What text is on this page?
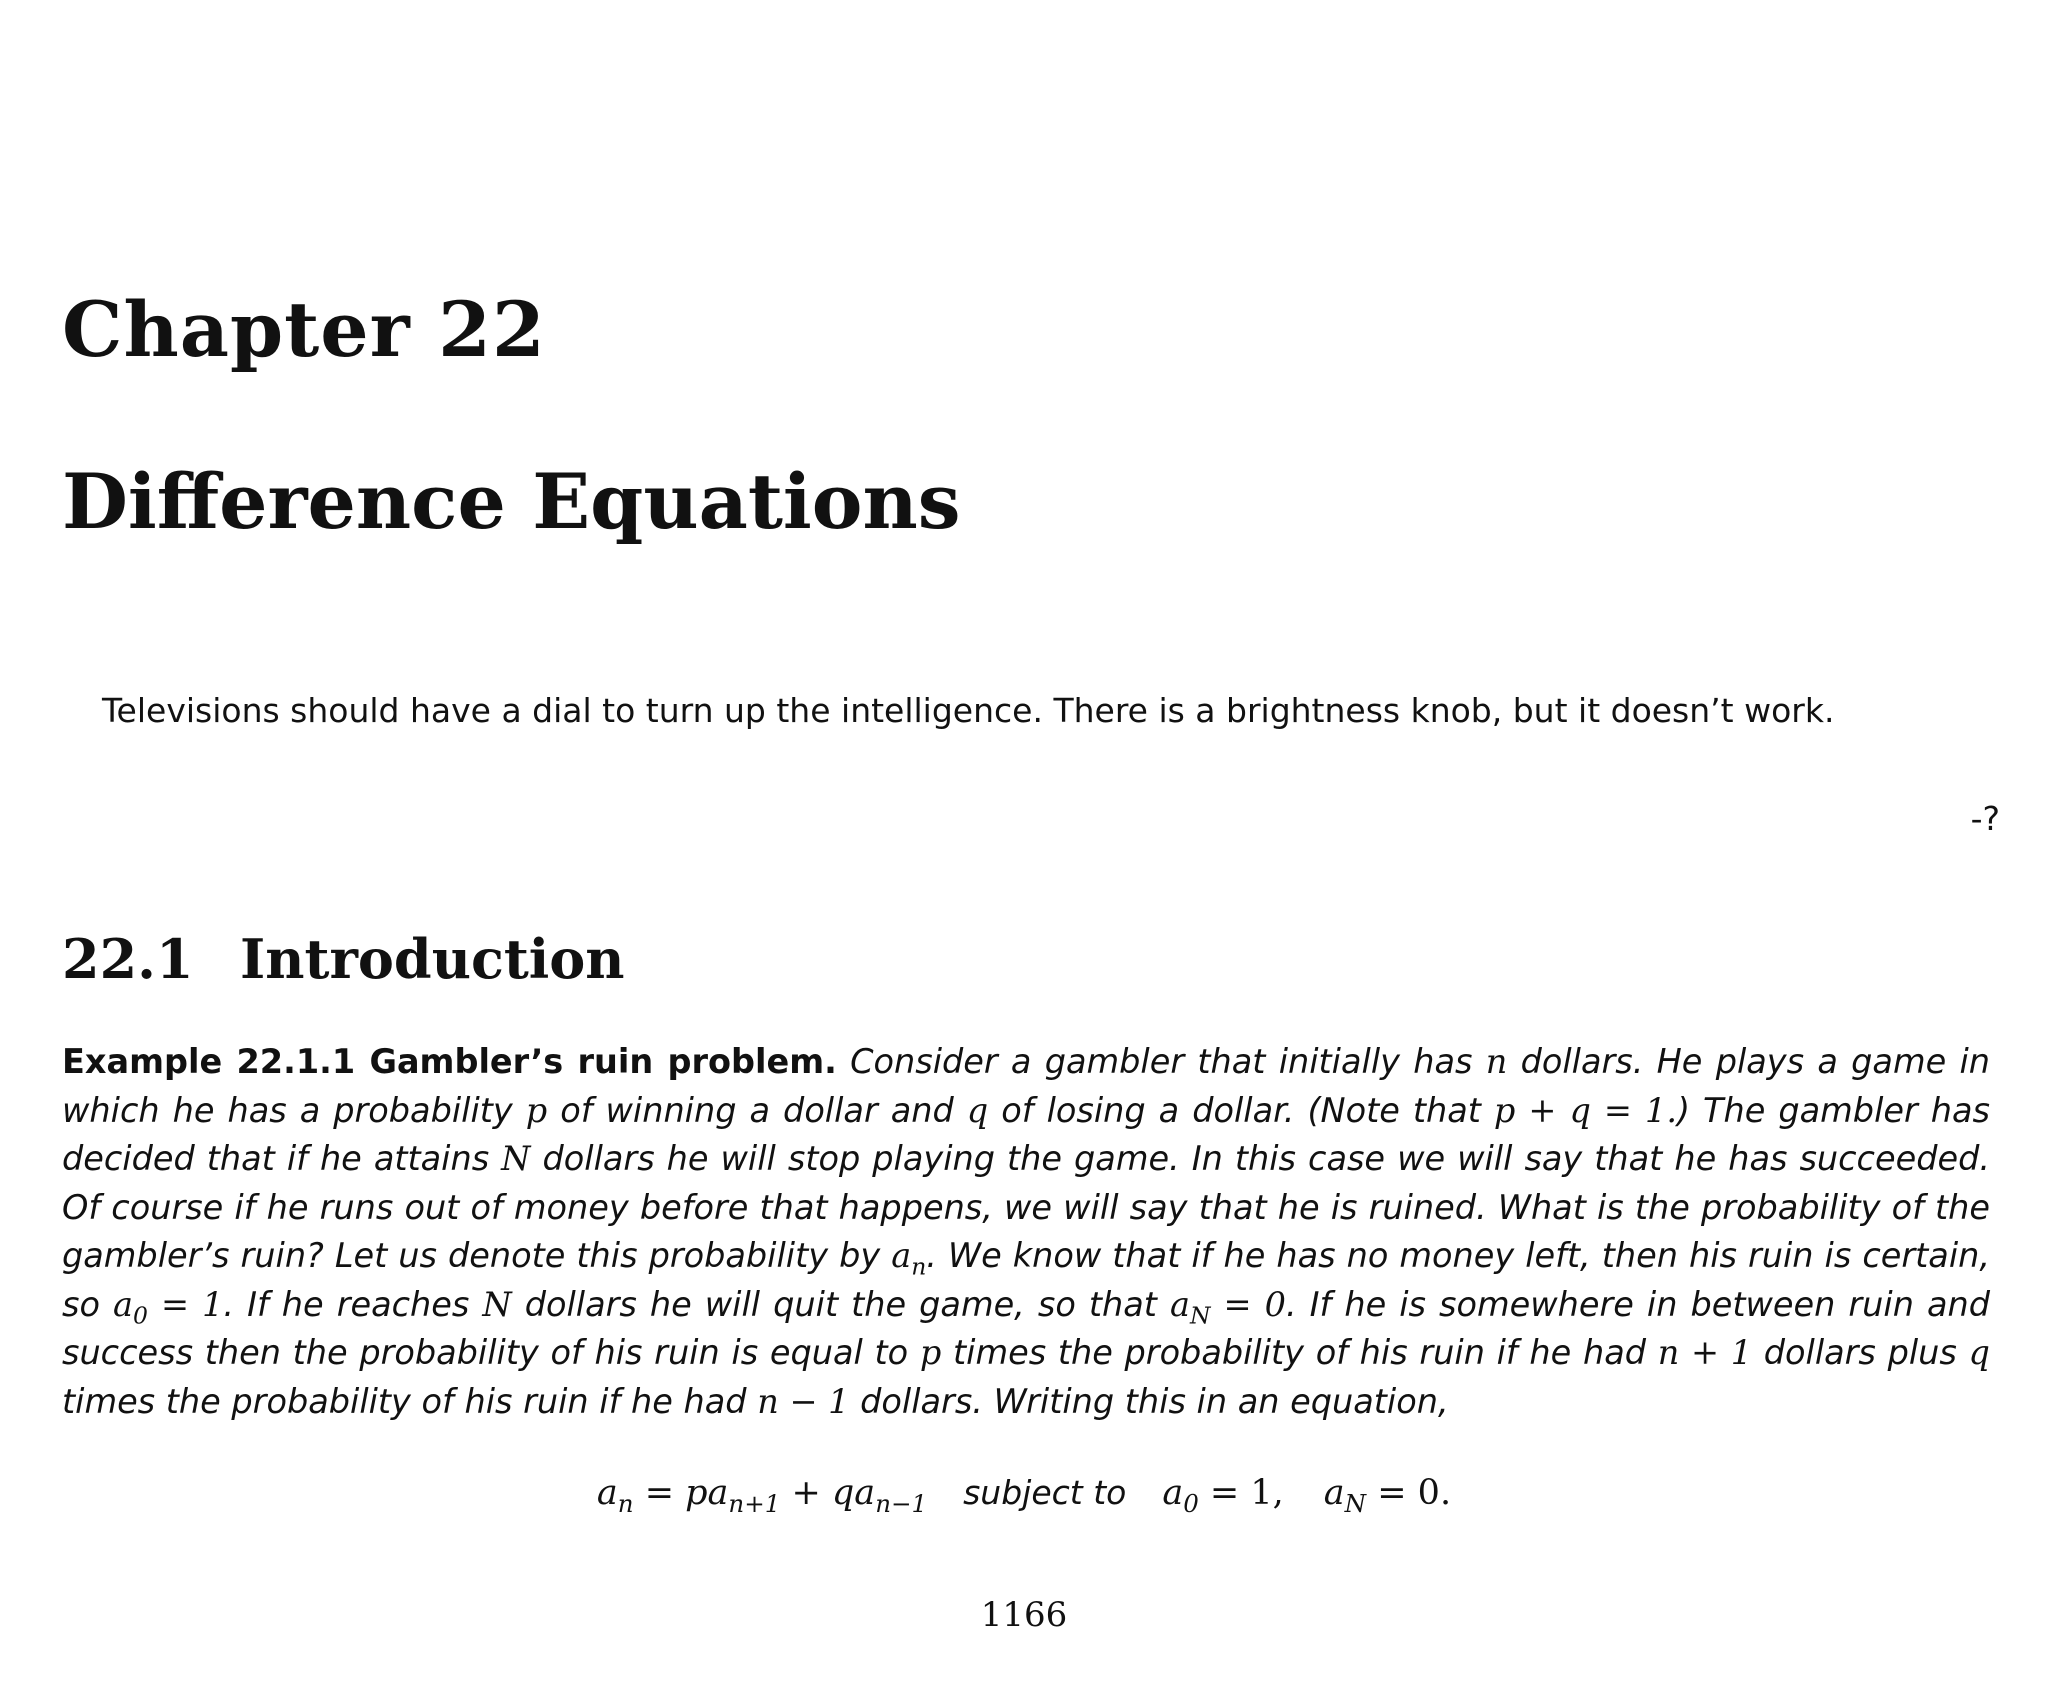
Chapter 22
Difference Equations

Televisions should have a dial to turn up the intelligence. There is a brightness knob, but it doesn’t work.

-?

22.1 Introduction

Example 22.1.1 Gambler’s ruin problem. Consider a gambler that initially has n dollars. He plays a game in which he has a probability p of winning a dollar and q of losing a dollar. (Note that p + q = 1.) The gambler has decided that if he attains N dollars he will stop playing the game. In this case we will say that he has succeeded. Of course if he runs out of money before that happens, we will say that he is ruined. What is the probability of the gambler’s ruin? Let us denote this probability by $a_n$. We know that if he has no money left, then his ruin is certain, so $a_0 = 1$. If he reaches N dollars he will quit the game, so that $a_N = 0$. If he is somewhere in between ruin and success then the probability of his ruin is equal to p times the probability of his ruin if he had n + 1 dollars plus q times the probability of his ruin if he had n − 1 dollars. Writing this in an equation,

$a_n = pa_{n+1} + qa_{n-1}$ subject to $a_0 = 1$, $a_N = 0$.

1166
